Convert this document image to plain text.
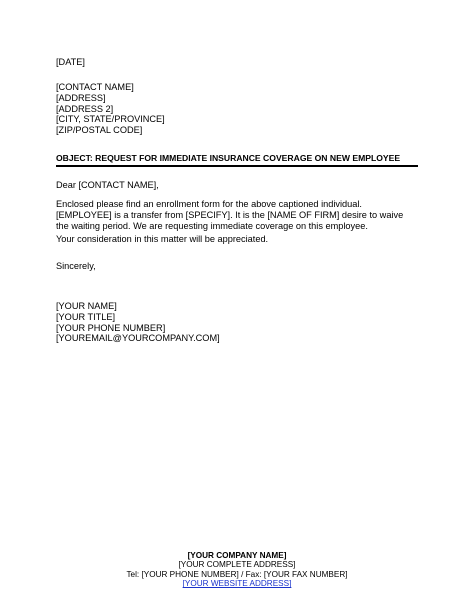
[DATE]
[CONTACT NAME]
[ADDRESS]
[ADDRESS 2]
[CITY, STATE/PROVINCE]
[ZIP/POSTAL CODE]
OBJECT: REQUEST FOR IMMEDIATE INSURANCE COVERAGE ON NEW EMPLOYEE
Dear [CONTACT NAME],
Enclosed please find an enrollment form for the above captioned individual. [EMPLOYEE] is a transfer from [SPECIFY]. It is the [NAME OF FIRM] desire to waive the waiting period. We are requesting immediate coverage on this employee.
Your consideration in this matter will be appreciated.
Sincerely,
[YOUR NAME]
[YOUR TITLE]
[YOUR PHONE NUMBER]
[YOUREMAIL@YOURCOMPANY.COM]
[YOUR COMPANY NAME]
[YOUR COMPLETE ADDRESS]
Tel: [YOUR PHONE NUMBER] / Fax: [YOUR FAX NUMBER]
[YOUR WEBSITE ADDRESS]
